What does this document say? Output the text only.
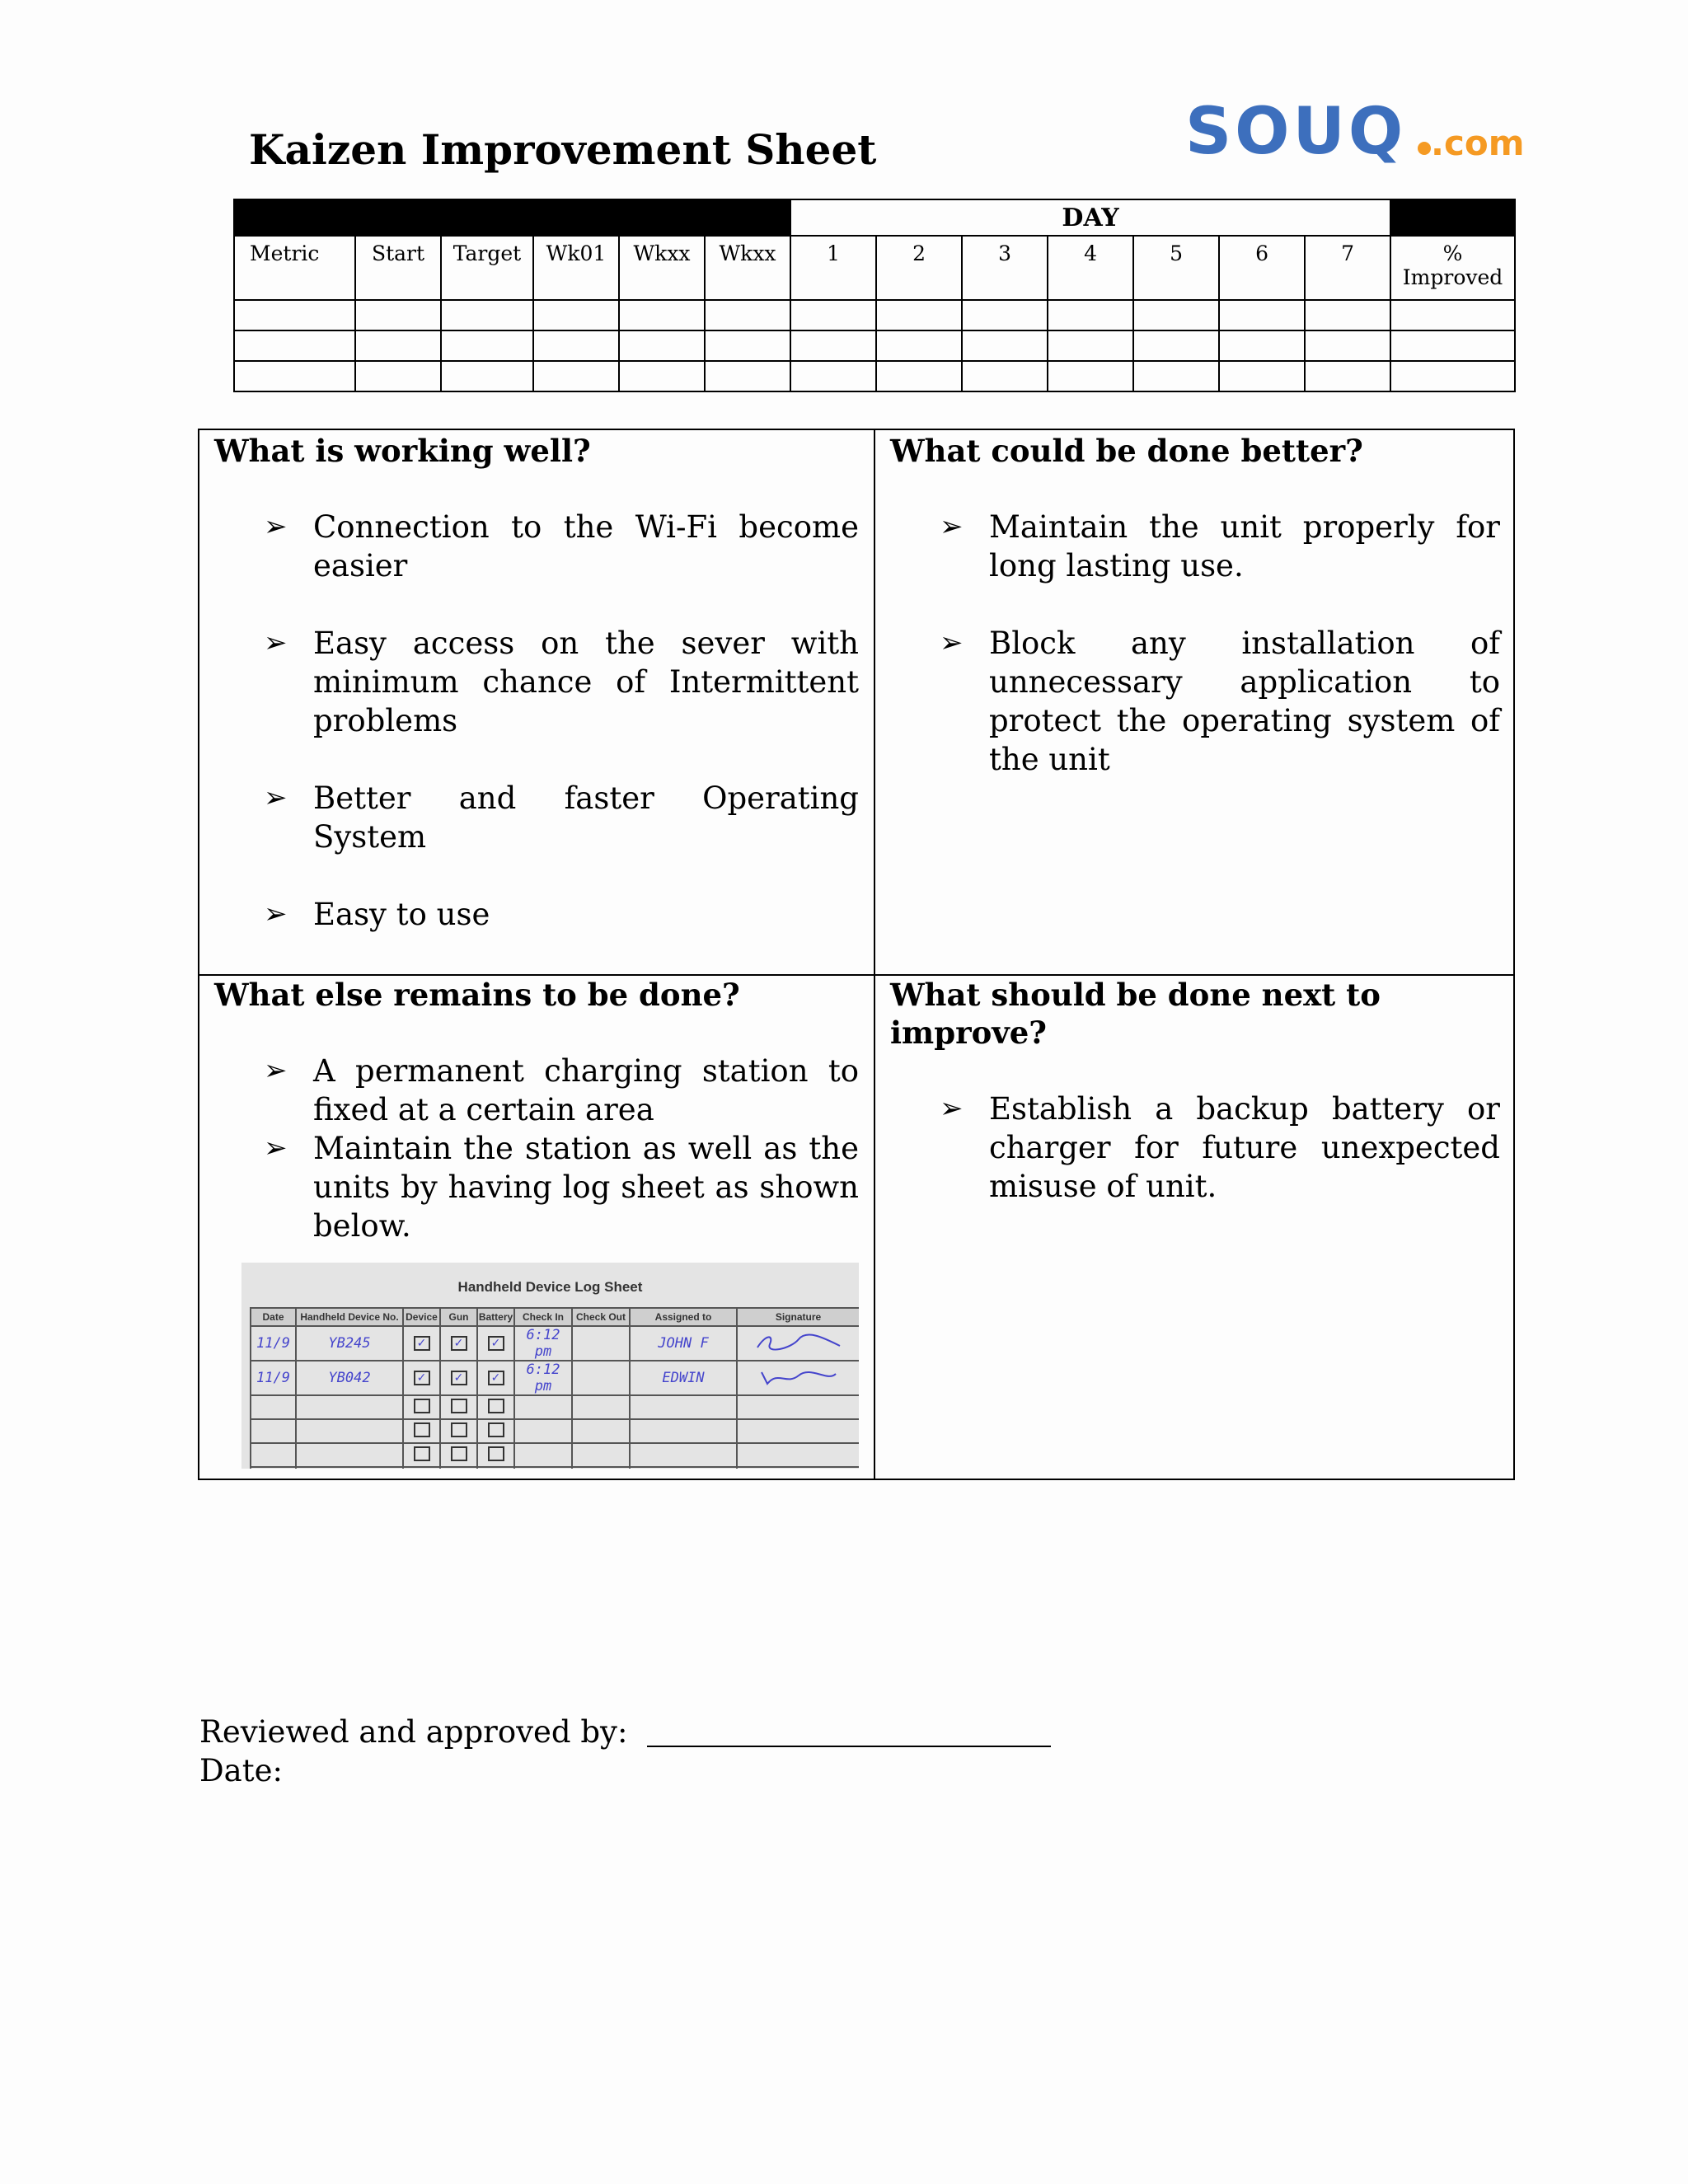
Kaizen Improvement Sheet	SOUQ .com
						DAY							
Metric	Start	Target	Wk01	Wkxx	Wkxx	1	2	3	4	5	6	7	%
Improved

What is working well?
➢ Connection to the Wi-Fi become easier
➢ Easy access on the sever with minimum chance of Intermittent problems
➢ Better and faster Operating System
➢ Easy to use
What could be done better?
➢ Maintain the unit properly for long lasting use.
➢ Block any installation of unnecessary application to protect the operating system of the unit
What else remains to be done?
➢ A permanent charging station to fixed at a certain area
➢ Maintain the station as well as the units by having log sheet as shown below.
What should be done next to improve?
➢ Establish a backup battery or charger for future unexpected misuse of unit.
Handheld Device Log Sheet
Date	Handheld Device No.	Device	Gun	Battery	Check In	Check Out	Assigned to	Signature
11/9	YB245	✓	✓	✓	6:12 pm		JOHN F	
11/9	YB042	✓	✓	✓	6:12 pm		EDWIN	

Reviewed and approved by:
Date:
